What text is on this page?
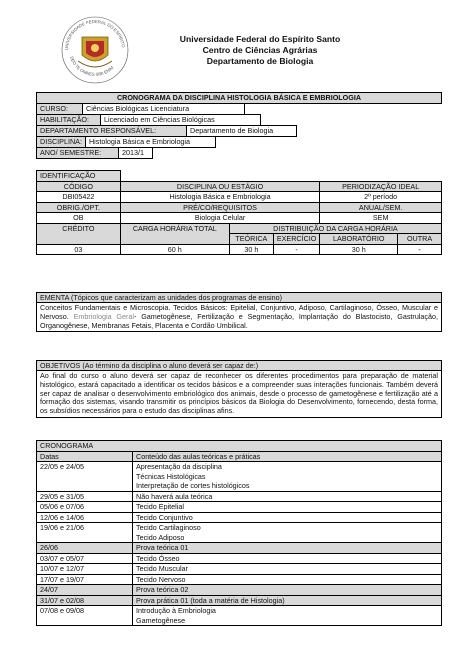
UNIVERSIDADE FEDERAL DO ESPÍRITO
DEO TE OMNES SIBI ENIM
Universidade Federal do Espírito Santo
Centro de Ciências Agrárias
Departamento de Biologia
CRONOGRAMA DA DISCIPLINA HISTOLOGIA BÁSICA E EMBRIOLOGIA
CURSO:	Ciências Biológicas Licenciatura
HABILITAÇÃO:	Licenciado em Ciências Biológicas
DEPARTAMENTO RESPONSÁVEL:	Departamento de Biologia
DISCIPLINA:	Histologia Básica e Embriologia
ANO/ SEMESTRE:	2013/1
IDENTIFICAÇÃO					
CÓDIGO	DISCIPLINA OU ESTÁGIO			PERIODIZAÇÃO IDEAL	
DBI05422	Histologia Básica e Embriologia			2º período	
OBRIG./OPT.	PRÉ/CO/REQUISITOS			ANUAL/SEM.	
OB	Biologia Celular			SEM	
CRÉDITO	CARGA HORÁRIA TOTAL	DISTRIBUIÇÃO DA CARGA HORÁRIA			
		TEÓRICA	EXERCÍCIO	LABORATÓRIO	OUTRA
03	60 h	30 h	-	30 h	-
EMENTA (Tópicos que caracterizam as unidades dos programas de ensino)
Conceitos Fundamentais e Microscopia. Tecidos Básicos: Epitelial, Conjuntivo, Adiposo, Cartilaginoso, Ósseo, Muscular e Nervoso. Embriologia Geral- Gametogênese, Fertilização e Segmentação, Implantação do Blastocisto, Gastrulação, Organogênese, Membranas Fetais, Placenta e Cordão Umbilical.
OBJETIVOS (Ao término da disciplina o aluno deverá ser capaz de:)
Ao final do curso o aluno deverá ser capaz de reconhecer os diferentes procedimentos para preparação de material histológico, estará capacitado a identificar os tecidos básicos e a compreender suas interações funcionais. Também deverá ser capaz de analisar o desenvolvimento embriológico dos animais, desde o processo de gametogênese e fertilização até a formação dos sistemas, visando transmitir os princípios básicos da Biologia do Desenvolvimento, fornecendo, desta forma, os subsídios necessários para o estudo das disciplinas afins.
CRONOGRAMA	
Datas	Conteúdo das aulas teóricas e práticas
22/05 e 24/05	Apresentação da disciplina
Técnicas Histológicas
Interpretação de cortes histológicos

29/05 e 31/05	Não haverá aula teórica

05/06 e 07/06	Tecido Epitelial

12/06 e 14/06	Tecido Conjuntivo

19/06 e 21/06	Tecido Cartilaginoso
Tecido Adiposo

26/06	Prova teórica 01

03/07 e 05/07	Tecido Ósseo

10/07 e 12/07	Tecido Muscular

17/07 e 19/07	Tecido Nervoso

24/07	Prova teórica 02

31/07 e 02/08	Prova prática 01 (toda a matéria de Histologia)

07/08 e 09/08	Introdução à Embriologia
Gametogênese
